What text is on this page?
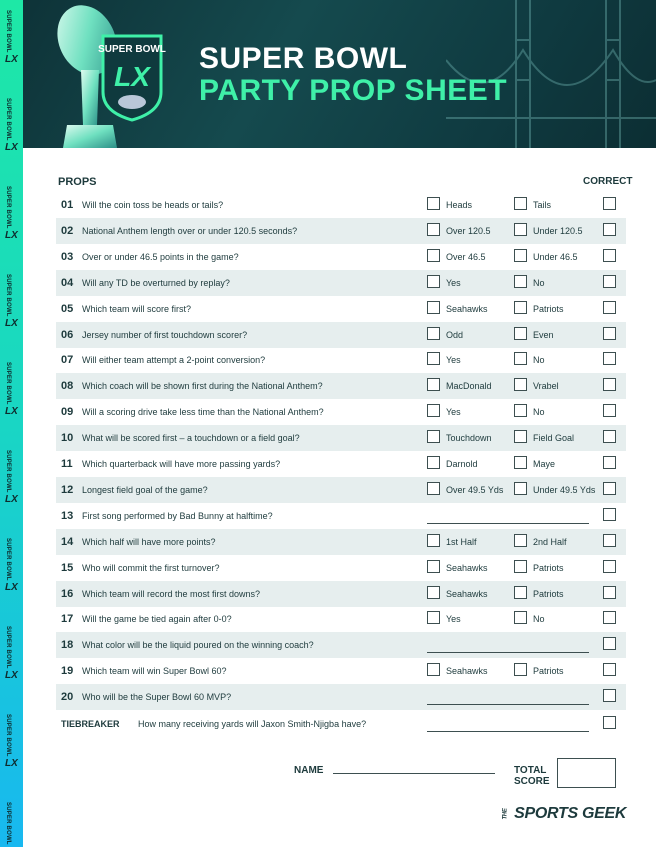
SUPER BOWL
LX
SUPER BOWL
LX
SUPER BOWL
LX
SUPER BOWL
LX
SUPER BOWL
LX
SUPER BOWL
LX
SUPER BOWL
LX
SUPER BOWL
LX
SUPER BOWL
LX
SUPER BOWL
SUPER BOWL
LX
SUPER BOWL
PARTY PROP SHEET
PROPS	CORRECT
01 Will the coin toss be heads or tails?	Heads	Tails
02 National Anthem length over or under 120.5 seconds?	Over 120.5	Under 120.5
03 Over or under 46.5 points in the game?	Over 46.5	Under 46.5
04 Will any TD be overturned by replay?	Yes	No
05 Which team will score first?	Seahawks	Patriots
06 Jersey number of first touchdown scorer?	Odd	Even
07 Will either team attempt a 2-point conversion?	Yes	No
08 Which coach will be shown first during the National Anthem?	MacDonald	Vrabel
09 Will a scoring drive take less time than the National Anthem?	Yes	No
10 What will be scored first – a touchdown or a field goal?	Touchdown	Field Goal
11 Which quarterback will have more passing yards?	Darnold	Maye
12 Longest field goal of the game?	Over 49.5 Yds	Under 49.5 Yds
13 First song performed by Bad Bunny at halftime?
14 Which half will have more points?	1st Half	2nd Half
15 Who will commit the first turnover?	Seahawks	Patriots
16 Which team will record the most first downs?	Seahawks	Patriots
17 Will the game be tied again after 0-0?	Yes	No
18 What color will be the liquid poured on the winning coach?
19 Which team will win Super Bowl 60?	Seahawks	Patriots
20 Who will be the Super Bowl 60 MVP?
TIEBREAKER How many receiving yards will Jaxon Smith-Njigba have?
NAME	TOTAL
SCORE
THE SPORTS GEEK
